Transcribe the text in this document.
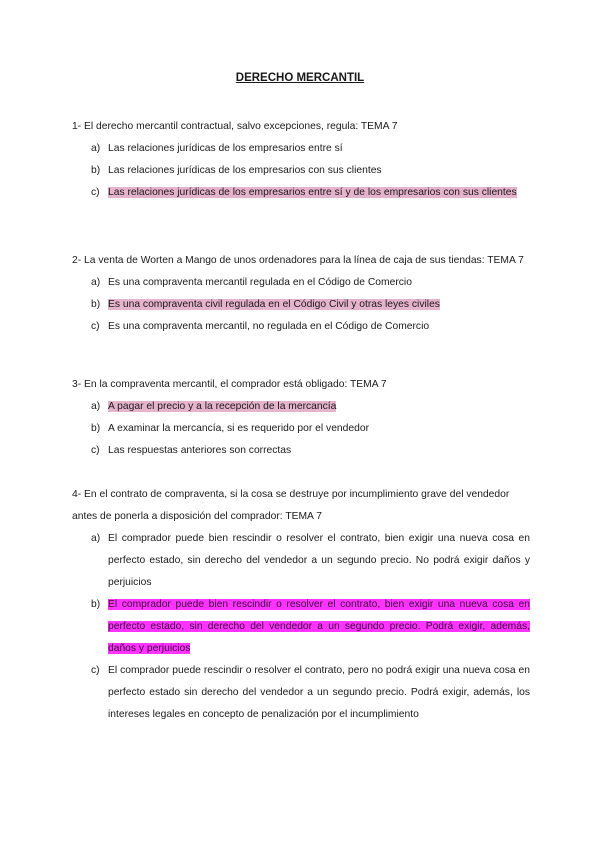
DERECHO MERCANTIL
1- El derecho mercantil contractual, salvo excepciones, regula: TEMA 7
a) Las relaciones jurídicas de los empresarios entre sí
b) Las relaciones jurídicas de los empresarios con sus clientes
c) Las relaciones jurídicas de los empresarios entre sí y de los empresarios con sus clientes
2- La venta de Worten a Mango de unos ordenadores para la línea de caja de sus tiendas: TEMA 7
a) Es una compraventa mercantil regulada en el Código de Comercio
b) Es una compraventa civil regulada en el Código Civil y otras leyes civiles
c) Es una compraventa mercantil, no regulada en el Código de Comercio
3- En la compraventa mercantil, el comprador está obligado: TEMA 7
a) A pagar el precio y a la recepción de la mercancía
b) A examinar la mercancía, si es requerido por el vendedor
c) Las respuestas anteriores son correctas
4- En el contrato de compraventa, si la cosa se destruye por incumplimiento grave del vendedor antes de ponerla a disposición del comprador: TEMA 7
a) El comprador puede bien rescindir o resolver el contrato, bien exigir una nueva cosa en perfecto estado, sin derecho del vendedor a un segundo precio. No podrá exigir daños y perjuicios
b) El comprador puede bien rescindir o resolver el contrato, bien exigir una nueva cosa en perfecto estado, sin derecho del vendedor a un segundo precio. Podrá exigir, además, daños y perjuicios
c) El comprador puede rescindir o resolver el contrato, pero no podrá exigir una nueva cosa en perfecto estado sin derecho del vendedor a un segundo precio. Podrá exigir, además, los intereses legales en concepto de penalización por el incumplimiento
